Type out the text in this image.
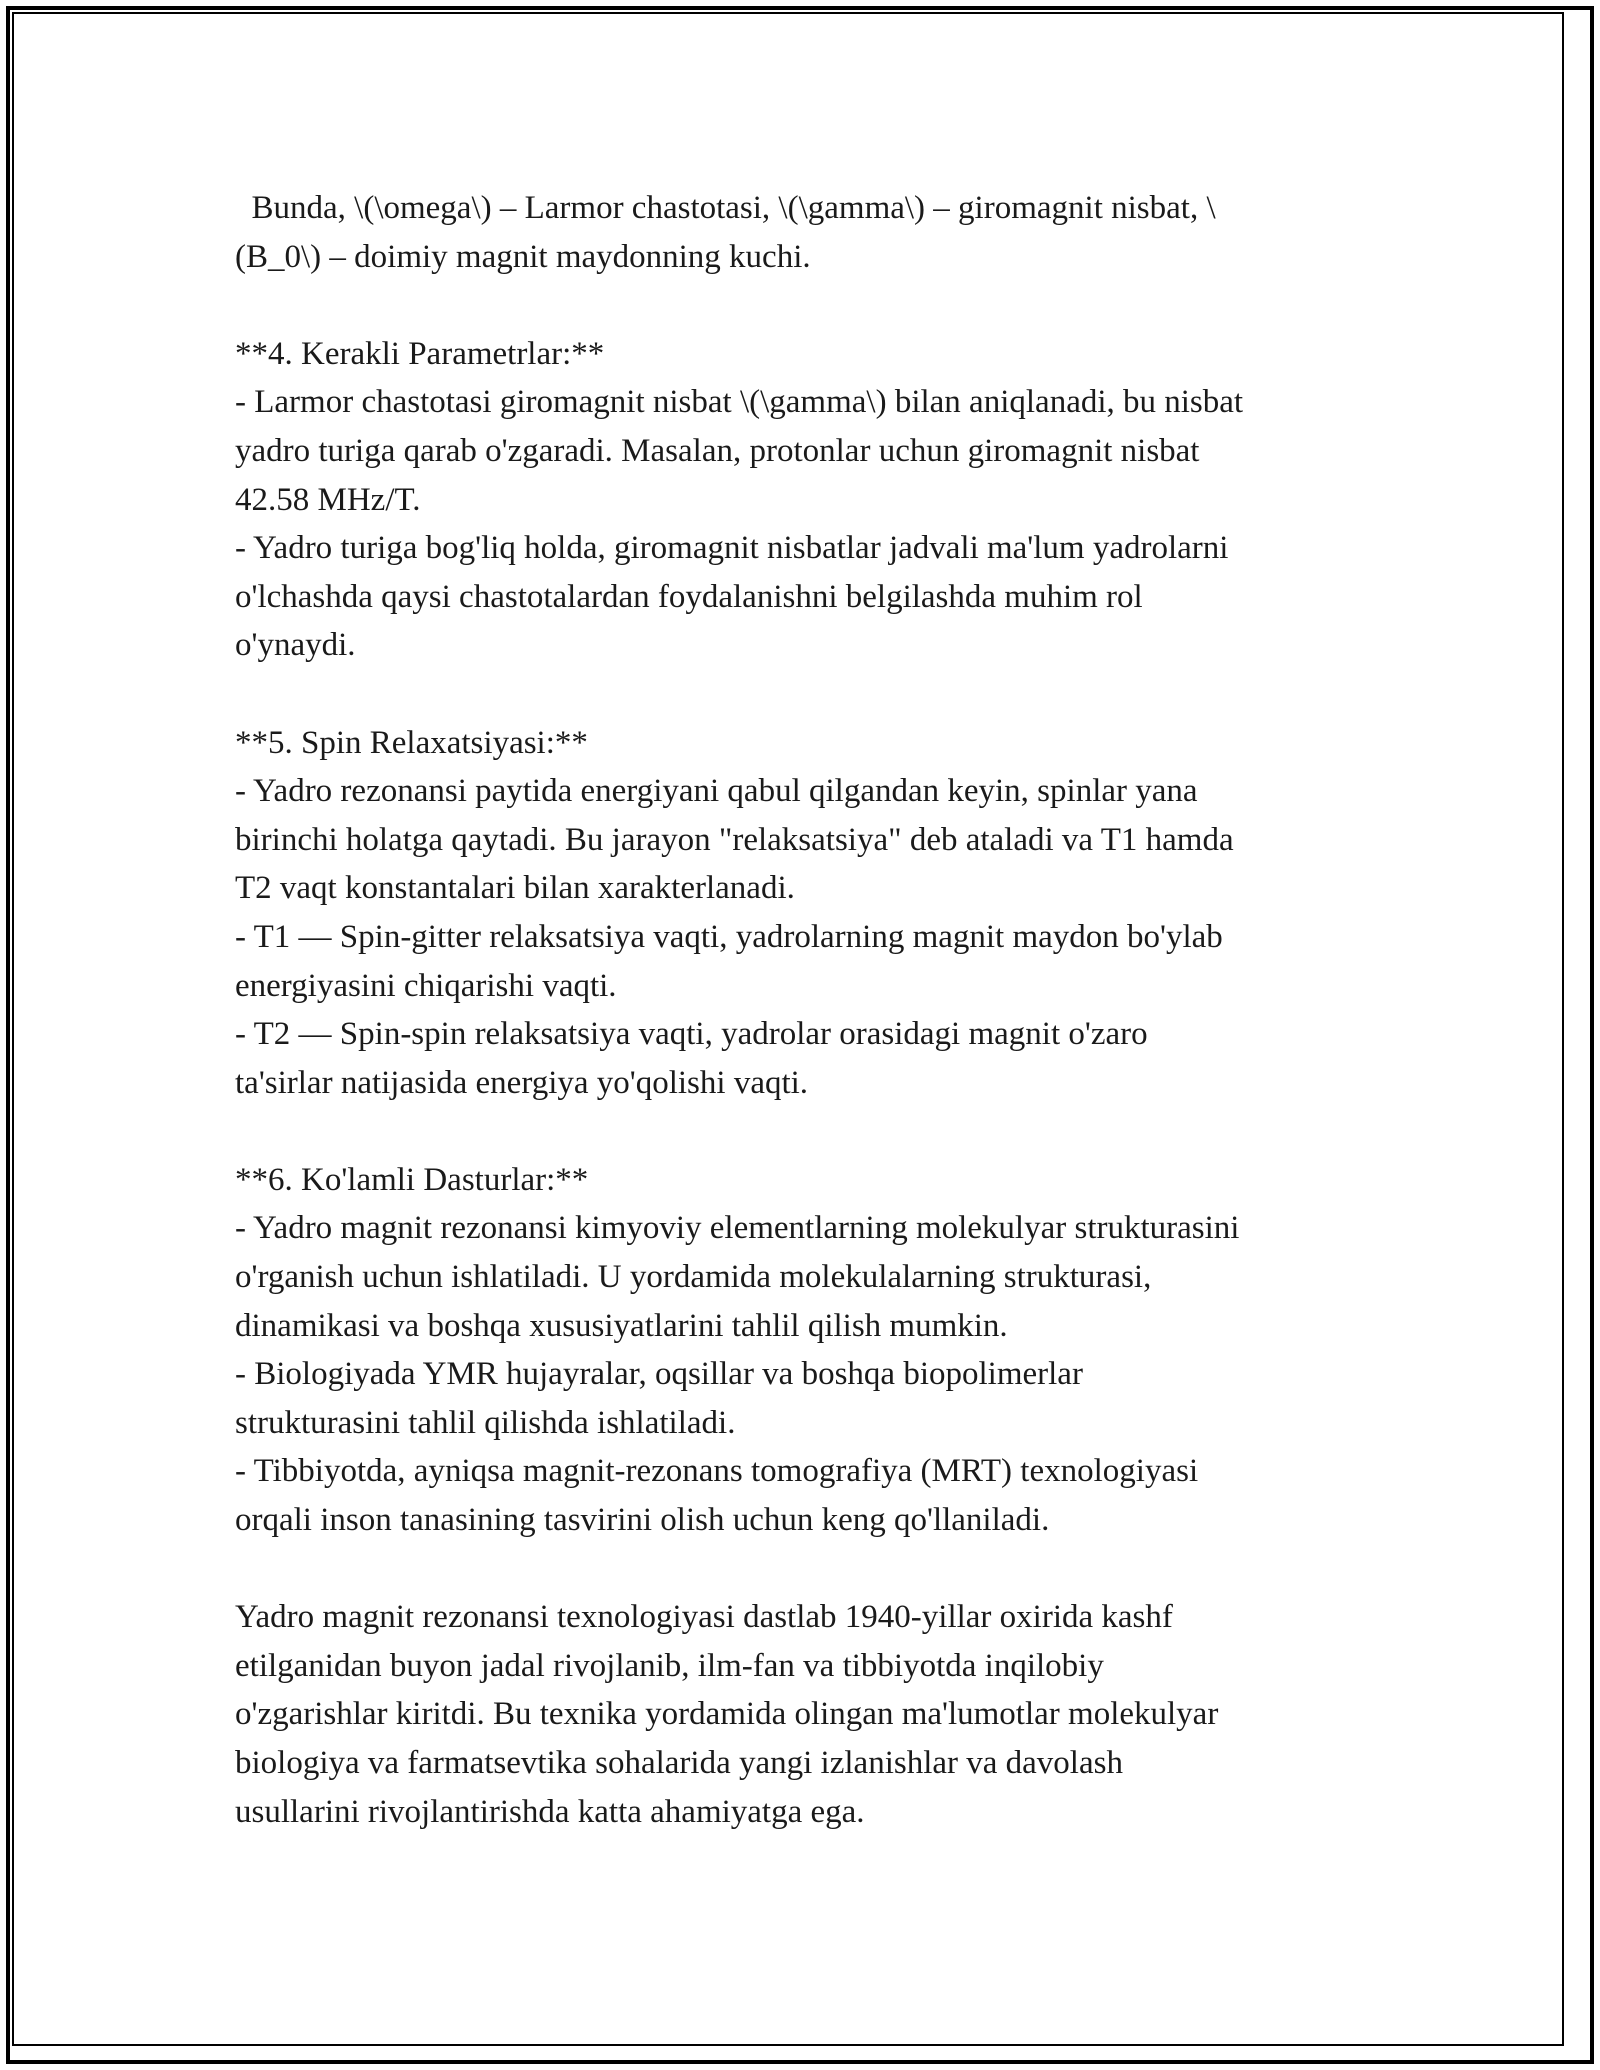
Bunda, \(\omega\) – Larmor chastotasi, \(\gamma\) – giromagnit nisbat, \
(B_0\) – doimiy magnit maydonning kuchi.
**4. Kerakli Parametrlar:**
- Larmor chastotasi giromagnit nisbat \(\gamma\) bilan aniqlanadi, bu nisbat
yadro turiga qarab o'zgaradi. Masalan, protonlar uchun giromagnit nisbat
42.58 MHz/T.
- Yadro turiga bog'liq holda, giromagnit nisbatlar jadvali ma'lum yadrolarni
o'lchashda qaysi chastotalardan foydalanishni belgilashda muhim rol
o'ynaydi.
**5. Spin Relaxatsiyasi:**
- Yadro rezonansi paytida energiyani qabul qilgandan keyin, spinlar yana
birinchi holatga qaytadi. Bu jarayon "relaksatsiya" deb ataladi va T1 hamda
T2 vaqt konstantalari bilan xarakterlanadi.
- T1 — Spin-gitter relaksatsiya vaqti, yadrolarning magnit maydon bo'ylab
energiyasini chiqarishi vaqti.
- T2 — Spin-spin relaksatsiya vaqti, yadrolar orasidagi magnit o'zaro
ta'sirlar natijasida energiya yo'qolishi vaqti.
**6. Ko'lamli Dasturlar:**
- Yadro magnit rezonansi kimyoviy elementlarning molekulyar strukturasini
o'rganish uchun ishlatiladi. U yordamida molekulalarning strukturasi,
dinamikasi va boshqa xususiyatlarini tahlil qilish mumkin.
- Biologiyada YMR hujayralar, oqsillar va boshqa biopolimerlar
strukturasini tahlil qilishda ishlatiladi.
- Tibbiyotda, ayniqsa magnit-rezonans tomografiya (MRT) texnologiyasi
orqali inson tanasining tasvirini olish uchun keng qo'llaniladi.
Yadro magnit rezonansi texnologiyasi dastlab 1940-yillar oxirida kashf
etilganidan buyon jadal rivojlanib, ilm-fan va tibbiyotda inqilobiy
o'zgarishlar kiritdi. Bu texnika yordamida olingan ma'lumotlar molekulyar
biologiya va farmatsevtika sohalarida yangi izlanishlar va davolash
usullarini rivojlantirishda katta ahamiyatga ega.
